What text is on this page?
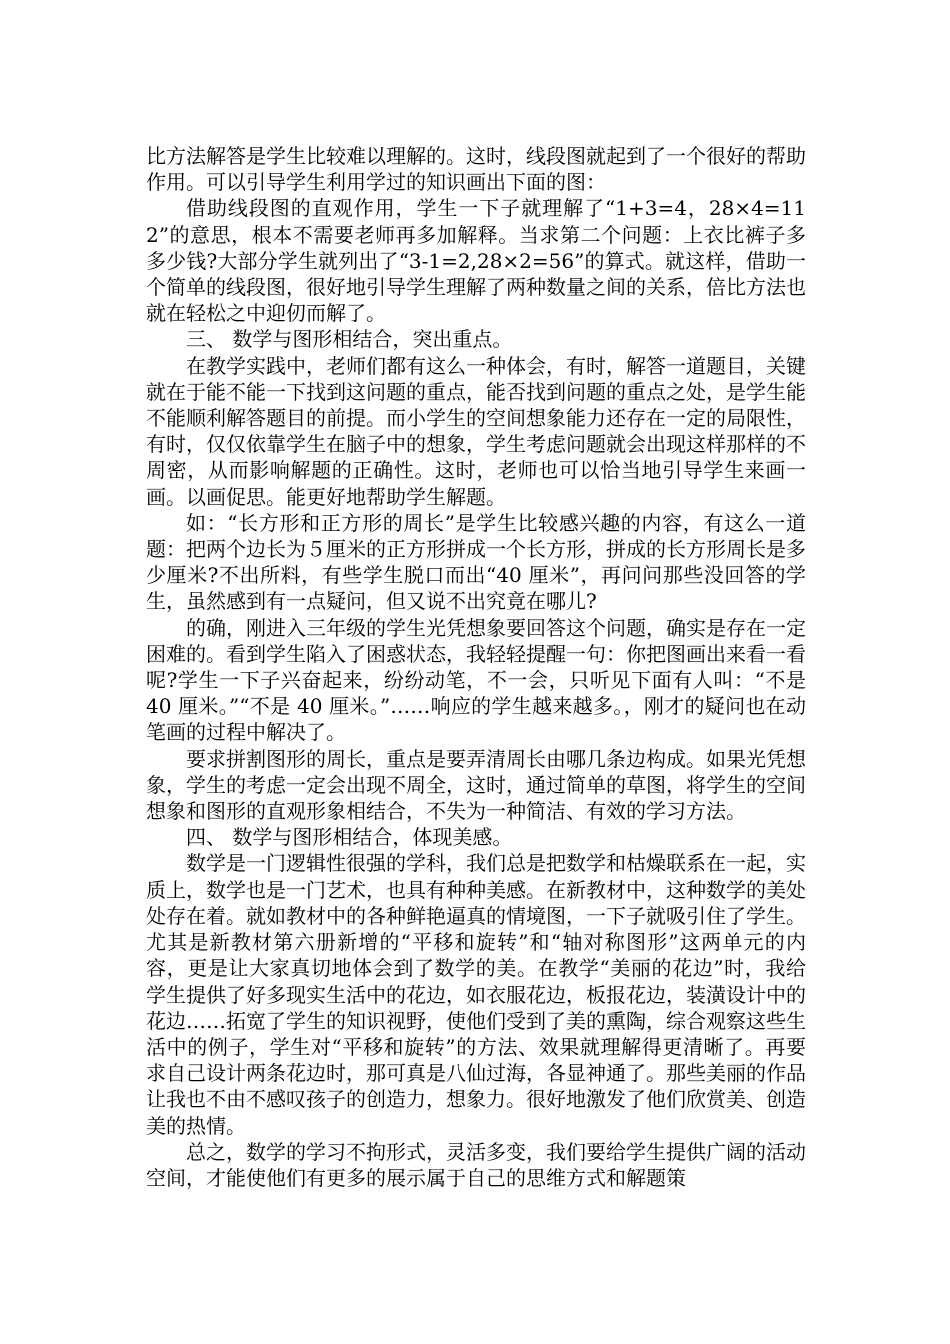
比方法解答是学生比较难以理解的。这时，线段图就起到了一个很好的帮助作用。可以引导学生利用学过的知识画出下面的图：

借助线段图的直观作用，学生一下子就理解了“1+3=4，28×4=112”的意思，根本不需要老师再多加解释。当求第二个问题：上衣比裤子多多少钱?大部分学生就列出了“3-1=2,28×2=56”的算式。就这样，借助一个简单的线段图，很好地引导学生理解了两种数量之间的关系，倍比方法也就在轻松之中迎仞而解了。

三、 数学与图形相结合，突出重点。

在教学实践中，老师们都有这么一种体会，有时，解答一道题目，关键就在于能不能一下找到这问题的重点，能否找到问题的重点之处，是学生能不能顺利解答题目的前提。而小学生的空间想象能力还存在一定的局限性，有时，仅仅依靠学生在脑子中的想象，学生考虑问题就会出现这样那样的不周密，从而影响解题的正确性。这时，老师也可以恰当地引导学生来画一画。以画促思。能更好地帮助学生解题。

如：“长方形和正方形的周长”是学生比较感兴趣的内容，有这么一道题：把两个边长为５厘米的正方形拼成一个长方形，拼成的长方形周长是多少厘米?不出所料，有些学生脱口而出“40 厘米”，再问问那些没回答的学生，虽然感到有一点疑问，但又说不出究竟在哪儿?

的确，刚进入三年级的学生光凭想象要回答这个问题，确实是存在一定困难的。看到学生陷入了困惑状态，我轻轻提醒一句：你把图画出来看一看呢?学生一下子兴奋起来，纷纷动笔，不一会，只听见下面有人叫：“不是 40 厘米。”“不是 40 厘米。”……响应的学生越来越多。，刚才的疑问也在动笔画的过程中解决了。

要求拼割图形的周长，重点是要弄清周长由哪几条边构成。如果光凭想象，学生的考虑一定会出现不周全，这时，通过简单的草图，将学生的空间想象和图形的直观形象相结合，不失为一种简洁、有效的学习方法。

四、 数学与图形相结合，体现美感。

数学是一门逻辑性很强的学科，我们总是把数学和枯燥联系在一起，实质上，数学也是一门艺术，也具有种种美感。在新教材中，这种数学的美处处存在着。就如教材中的各种鲜艳逼真的情境图，一下子就吸引住了学生。尤其是新教材第六册新增的“平移和旋转”和“轴对称图形”这两单元的内容，更是让大家真切地体会到了数学的美。在教学“美丽的花边”时，我给学生提供了好多现实生活中的花边，如衣服花边，板报花边，装潢设计中的花边……拓宽了学生的知识视野，使他们受到了美的熏陶，综合观察这些生活中的例子，学生对“平移和旋转”的方法、效果就理解得更清晰了。再要求自己设计两条花边时，那可真是八仙过海，各显神通了。那些美丽的作品让我也不由不感叹孩子的创造力，想象力。很好地激发了他们欣赏美、创造美的热情。

总之，数学的学习不拘形式，灵活多变，我们要给学生提供广阔的活动空间，才能使他们有更多的展示属于自己的思维方式和解题策
